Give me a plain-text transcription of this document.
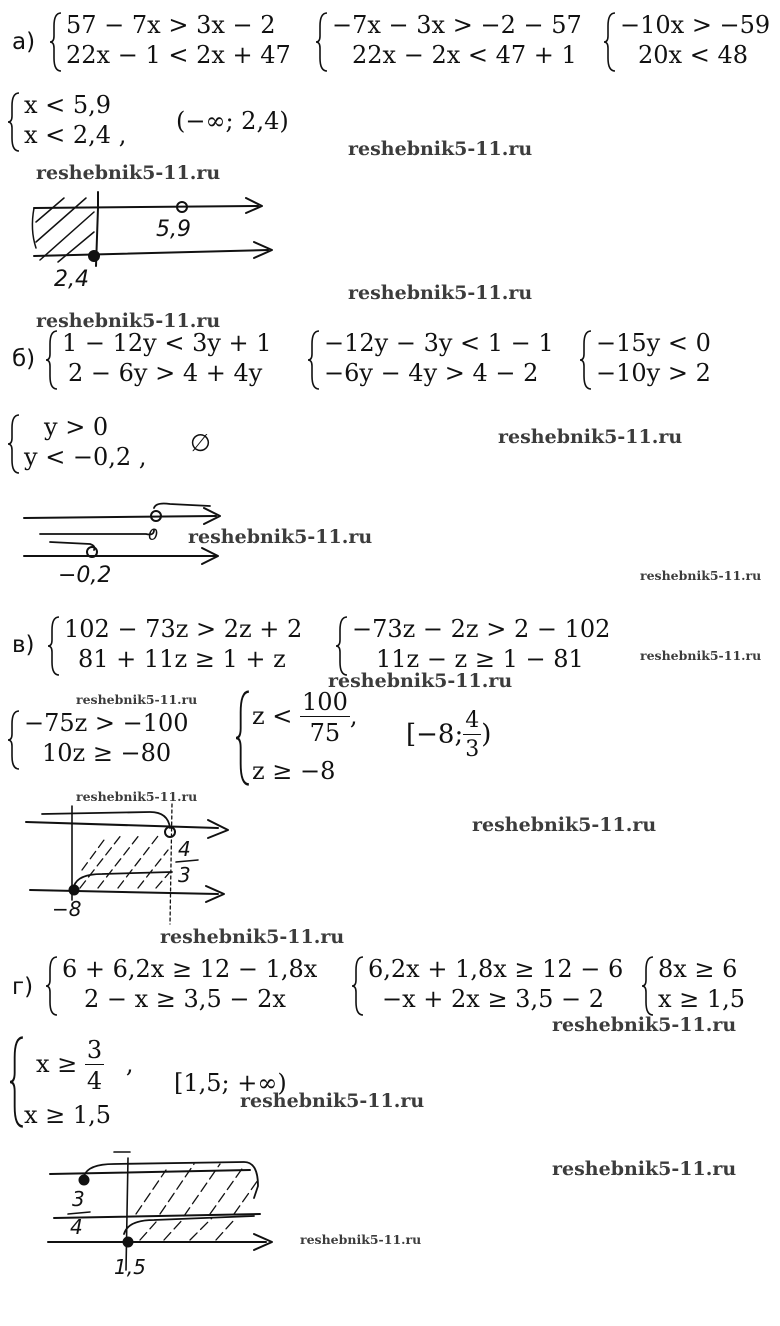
а)
57 − 7x > 3x − 2
22x − 1 < 2x + 47
−7x − 3x > −2 − 57
22x − 2x < 47 + 1
−10x > −59
20x < 48
x < 5,9
x < 2,4 , (−∞; 2,4)
5,9
2,4
б)
1 − 12y < 3y + 1
2 − 6y > 4 + 4y
−12y − 3y < 1 − 1
−6y − 4y > 4 − 2
−15y < 0
−10y > 2
y > 0
y < −0,2 , ∅
0
−0,2
в)
102 − 73z > 2z + 2
81 + 11z ≥ 1 + z
−73z − 2z > 2 − 102
11z − z ≥ 1 − 81
−75z > −100
10z ≥ −80
$z < \frac{100}{75}$ ,
z ≥ −8
[−8; $\frac{4}{3}$ )
4
3
−8
г)
6 + 6,2x ≥ 12 − 1,8x
2 − x ≥ 3,5 − 2x
6,2x + 1,8x ≥ 12 − 6
−x + 2x ≥ 3,5 − 2
8x ≥ 6
x ≥ 1,5
$x \ge \frac{3}{4}$ ,
x ≥ 1,5
[1,5; +∞)
3
4
1,5
reshebnik5-11.ru
reshebnik5-11.ru
reshebnik5-11.ru
reshebnik5-11.ru
reshebnik5-11.ru
reshebnik5-11.ru
reshebnik5-11.ru
reshebnik5-11.ru
reshebnik5-11.ru
reshebnik5-11.ru
reshebnik5-11.ru
reshebnik5-11.ru
reshebnik5-11.ru
reshebnik5-11.ru
reshebnik5-11.ru
reshebnik5-11.ru
reshebnik5-11.ru
